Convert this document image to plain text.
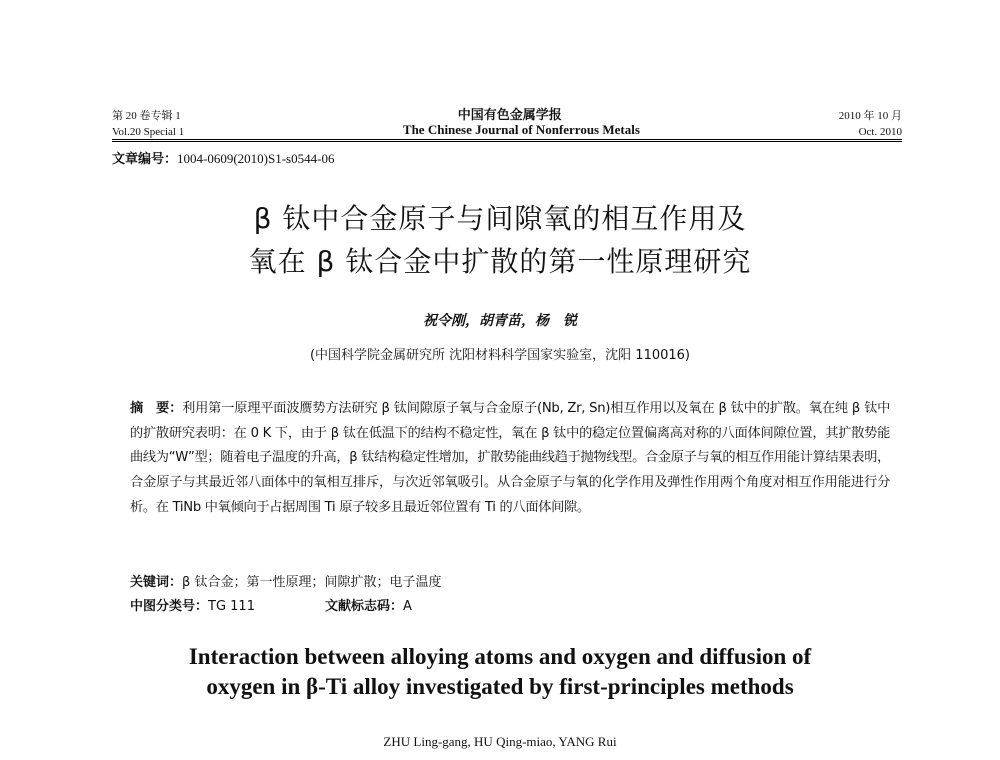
第 20 卷专辑 1	中国有色金属学报	2010 年 10 月
Vol.20 Special 1	The Chinese Journal of Nonferrous Metals	Oct. 2010
文章编号：1004-0609(2010)S1-s0544-06
β 钛中合金原子与间隙氧的相互作用及
氧在 β 钛合金中扩散的第一性原理研究
祝令刚，胡青苗，杨　锐
(中国科学院金属研究所 沈阳材料科学国家实验室，沈阳 110016)
摘　要：利用第一原理平面波赝势方法研究 β 钛间隙原子氧与合金原子(Nb, Zr, Sn)相互作用以及氧在 β 钛中的扩散。氧在纯 β 钛中的扩散研究表明：在 0 K 下，由于 β 钛在低温下的结构不稳定性，氧在 β 钛中的稳定位置偏离高对称的八面体间隙位置，其扩散势能曲线为“W”型；随着电子温度的升高，β 钛结构稳定性增加，扩散势能曲线趋于抛物线型。合金原子与氧的相互作用能计算结果表明，合金原子与其最近邻八面体中的氧相互排斥，与次近邻氧吸引。从合金原子与氧的化学作用及弹性作用两个角度对相互作用能进行分析。在 TiNb 中氧倾向于占据周围 Ti 原子较多且最近邻位置有 Ti 的八面体间隙。
关键词：β 钛合金；第一性原理；间隙扩散；电子温度
中图分类号：TG 111	文献标志码：A
Interaction between alloying atoms and oxygen and diffusion of
oxygen in β-Ti alloy investigated by first-principles methods
ZHU Ling-gang, HU Qing-miao, YANG Rui
